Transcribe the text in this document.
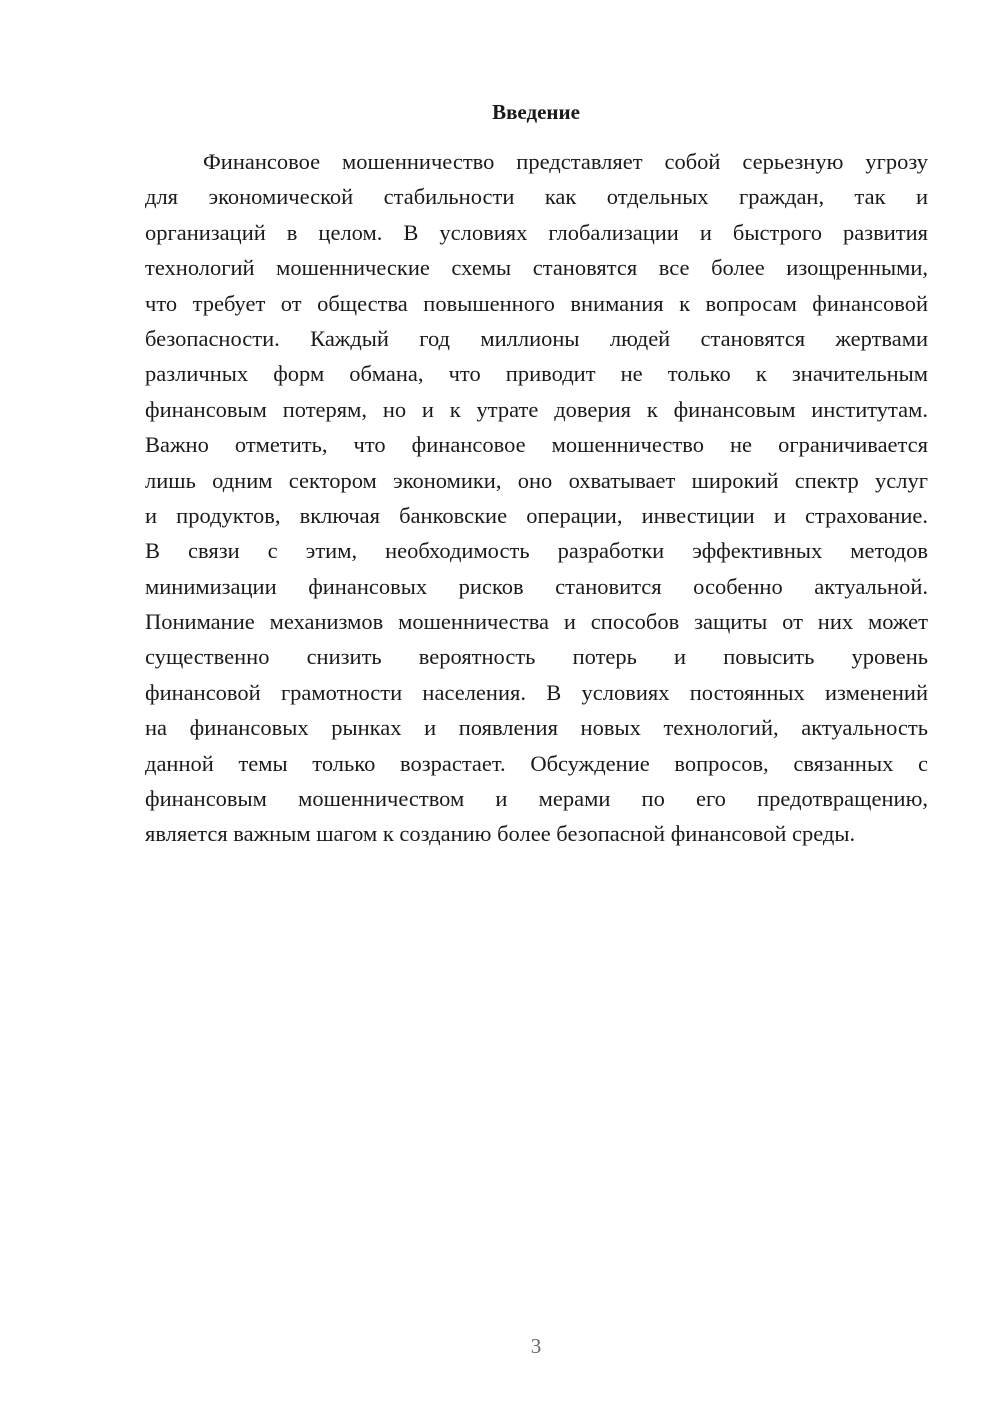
Введение
Финансовое мошенничество представляет собой серьезную угрозу
для экономической стабильности как отдельных граждан, так и
организаций в целом. В условиях глобализации и быстрого развития
технологий мошеннические схемы становятся все более изощренными,
что требует от общества повышенного внимания к вопросам финансовой
безопасности. Каждый год миллионы людей становятся жертвами
различных форм обмана, что приводит не только к значительным
финансовым потерям, но и к утрате доверия к финансовым институтам.
Важно отметить, что финансовое мошенничество не ограничивается
лишь одним сектором экономики, оно охватывает широкий спектр услуг
и продуктов, включая банковские операции, инвестиции и страхование.
В связи с этим, необходимость разработки эффективных методов
минимизации финансовых рисков становится особенно актуальной.
Понимание механизмов мошенничества и способов защиты от них может
существенно снизить вероятность потерь и повысить уровень
финансовой грамотности населения. В условиях постоянных изменений
на финансовых рынках и появления новых технологий, актуальность
данной темы только возрастает. Обсуждение вопросов, связанных с
финансовым мошенничеством и мерами по его предотвращению,
является важным шагом к созданию более безопасной финансовой среды.
3
